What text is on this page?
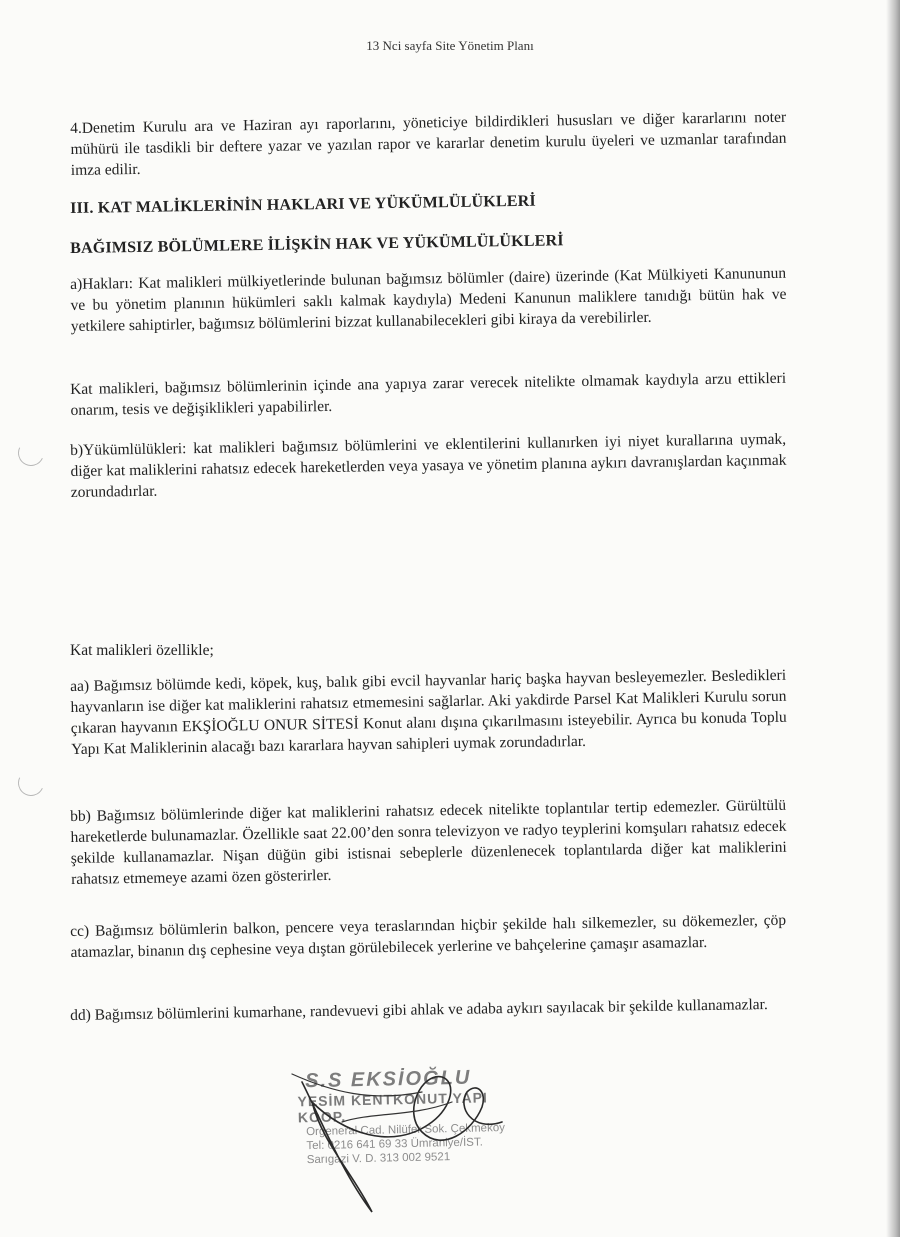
13 Nci sayfa Site Yönetim Planı
4.Denetim Kurulu ara ve Haziran ayı raporlarını, yöneticiye bildirdikleri hususları ve diğer kararlarını noter mühürü ile tasdikli bir deftere yazar ve yazılan rapor ve kararlar denetim kurulu üyeleri ve uzmanlar tarafından imza edilir.
III. KAT MALİKLERİNİN HAKLARI VE YÜKÜMLÜLÜKLERİ
BAĞIMSIZ BÖLÜMLERE İLİŞKİN HAK VE YÜKÜMLÜLÜKLERİ
a)Hakları: Kat malikleri mülkiyetlerinde bulunan bağımsız bölümler (daire) üzerinde (Kat Mülkiyeti Kanununun ve bu yönetim planının hükümleri saklı kalmak kaydıyla) Medeni Kanunun maliklere tanıdığı bütün hak ve yetkilere sahiptirler, bağımsız bölümlerini bizzat kullanabilecekleri gibi kiraya da verebilirler.
Kat malikleri, bağımsız bölümlerinin içinde ana yapıya zarar verecek nitelikte olmamak kaydıyla arzu ettikleri onarım, tesis ve değişiklikleri yapabilirler.
b)Yükümlülükleri: kat malikleri bağımsız bölümlerini ve eklentilerini kullanırken iyi niyet kurallarına uymak, diğer kat maliklerini rahatsız edecek hareketlerden veya yasaya ve yönetim planına aykırı davranışlardan kaçınmak zorundadırlar.
Kat malikleri özellikle;
aa) Bağımsız bölümde kedi, köpek, kuş, balık gibi evcil hayvanlar hariç başka hayvan besleyemezler. Besledikleri hayvanların ise diğer kat maliklerini rahatsız etmemesini sağlarlar. Aki yakdirde Parsel Kat Malikleri Kurulu sorun çıkaran hayvanın EKŞİOĞLU ONUR SİTESİ Konut alanı dışına çıkarılmasını isteyebilir. Ayrıca bu konuda Toplu Yapı Kat Maliklerinin alacağı bazı kararlara hayvan sahipleri uymak zorundadırlar.
bb) Bağımsız bölümlerinde diğer kat maliklerini rahatsız edecek nitelikte toplantılar tertip edemezler. Gürültülü hareketlerde bulunamazlar. Özellikle saat 22.00’den sonra televizyon ve radyo teyplerini komşuları rahatsız edecek şekilde kullanamazlar. Nişan düğün gibi istisnai sebeplerle düzenlenecek toplantılarda diğer kat maliklerini rahatsız etmemeye azami özen gösterirler.
cc) Bağımsız bölümlerin balkon, pencere veya teraslarından hiçbir şekilde halı silkemezler, su dökemezler, çöp atamazlar, binanın dış cephesine veya dıştan görülebilecek yerlerine ve bahçelerine çamaşır asamazlar.
dd) Bağımsız bölümlerini kumarhane, randevuevi gibi ahlak ve adaba aykırı sayılacak bir şekilde kullanamazlar.
S.S EKSİOĞLU
YESİM KENTKONUT YAPI KOOP.
Orgeneral Cad. Nilüfer Sok. Çekmeköy
Tel: 0216 641 69 33 Ümraniye/İST.
Sarıgazi V. D. 313 002 9521
